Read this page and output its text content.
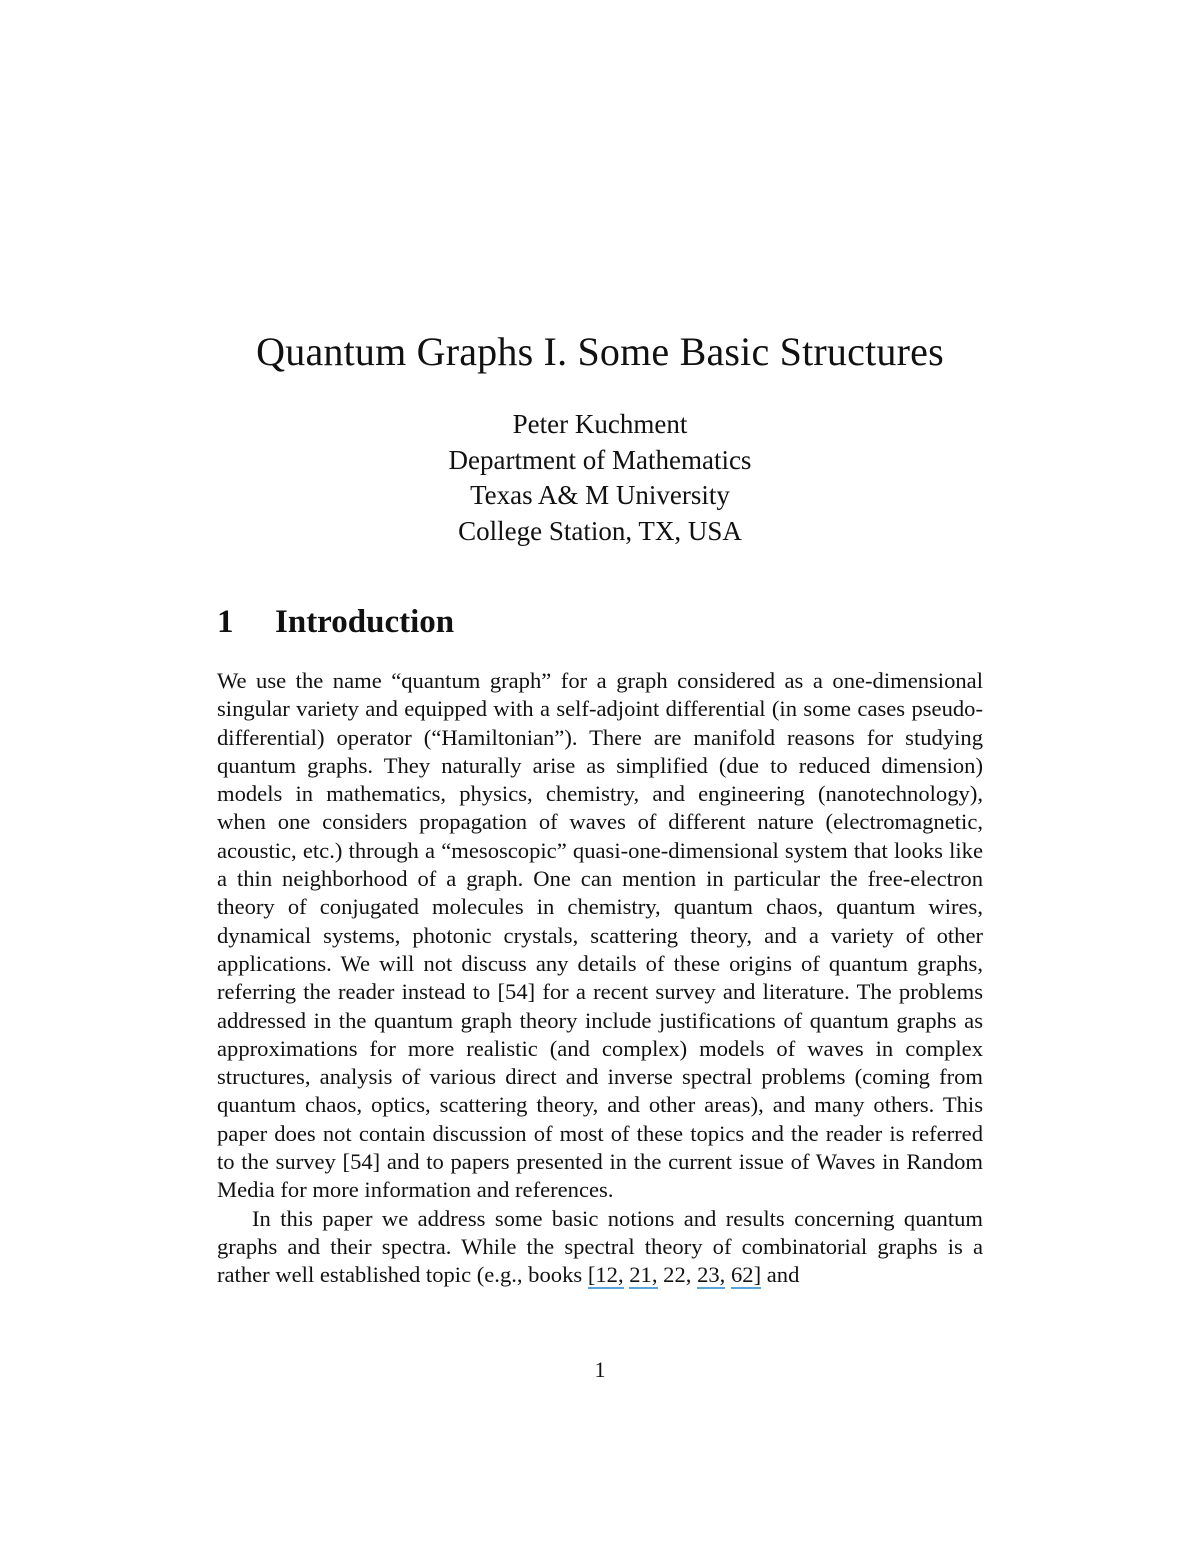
Quantum Graphs I. Some Basic Structures
Peter Kuchment
Department of Mathematics
Texas A& M University
College Station, TX, USA
1 Introduction

We use the name “quantum graph” for a graph considered as a one-dimensional singular variety and equipped with a self-adjoint differential (in some cases pseudo-differential) operator (“Hamiltonian”). There are manifold reasons for studying quantum graphs. They naturally arise as simplified (due to reduced dimension) models in mathematics, physics, chemistry, and engineering (nanotechnology), when one considers propagation of waves of different nature (electromagnetic, acoustic, etc.) through a “mesoscopic” quasi-one-dimensional system that looks like a thin neighborhood of a graph. One can mention in particular the free-electron theory of conjugated molecules in chemistry, quantum chaos, quantum wires, dynamical systems, photonic crystals, scattering theory, and a variety of other applications. We will not discuss any details of these origins of quantum graphs, referring the reader instead to [54] for a recent survey and literature. The problems addressed in the quantum graph theory include justifications of quantum graphs as approximations for more realistic (and complex) models of waves in complex structures, analysis of various direct and inverse spectral problems (coming from quantum chaos, optics, scattering theory, and other areas), and many others. This paper does not contain discussion of most of these topics and the reader is referred to the survey [54] and to papers presented in the current issue of Waves in Random Media for more information and references.

In this paper we address some basic notions and results concerning quantum graphs and their spectra. While the spectral theory of combinatorial graphs is a rather well established topic (e.g., books [12, 21, 22, 23, 62] and

1
